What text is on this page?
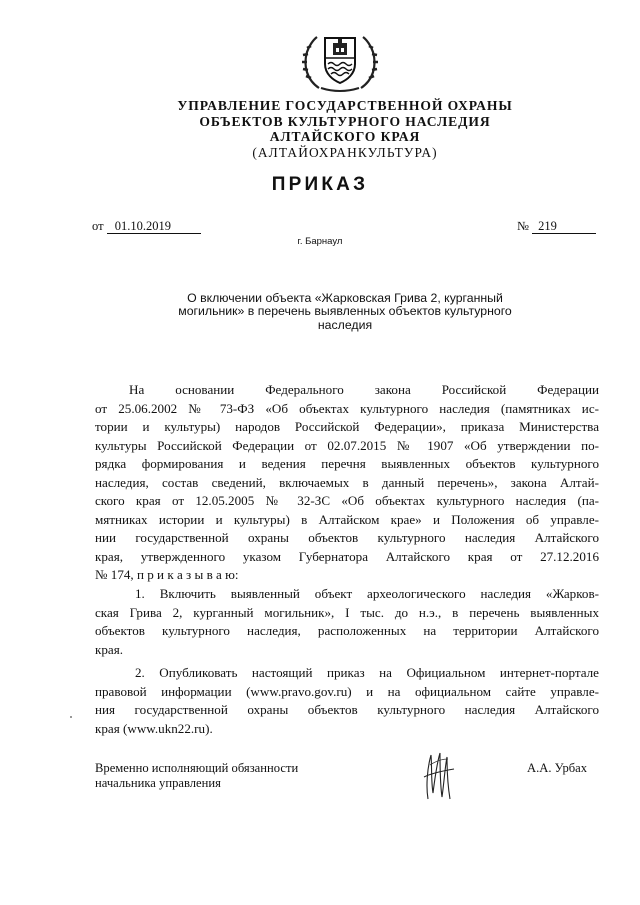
УПРАВЛЕНИЕ ГОСУДАРСТВЕННОЙ ОХРАНЫ
ОБЪЕКТОВ КУЛЬТУРНОГО НАСЛЕДИЯ
АЛТАЙСКОГО КРАЯ
(АЛТАЙОХРАНКУЛЬТУРА)
ПРИКАЗ
от 01.10.2019	№ 219
г. Барнаул
О включении объекта «Жарковская Грива 2, курганный
могильник» в перечень выявленных объектов культурного
наследия
На основании Федерального закона Российской Федерации
от 25.06.2002 № 73-ФЗ «Об объектах культурного наследия (памятниках ис-
тории и культуры) народов Российской Федерации», приказа Министерства
культуры Российской Федерации от 02.07.2015 № 1907 «Об утверждении по-
рядка формирования и ведения перечня выявленных объектов культурного
наследия, состав сведений, включаемых в данный перечень», закона Алтай-
ского края от 12.05.2005 № 32-ЗС «Об объектах культурного наследия (па-
мятниках истории и культуры) в Алтайском крае» и Положения об управле-
нии государственной охраны объектов культурного наследия Алтайского
края, утвержденного указом Губернатора Алтайского края от 27.12.2016
№ 174, п р и к а з ы в а ю:
1. Включить выявленный объект археологического наследия «Жарков-
ская Грива 2, курганный могильник», I тыс. до н.э., в перечень выявленных
объектов культурного наследия, расположенных на территории Алтайского
края.
2. Опубликовать настоящий приказ на Официальном интернет-портале
правовой информации (www.pravo.gov.ru) и на официальном сайте управле-
ния государственной охраны объектов культурного наследия Алтайского
края (www.ukn22.ru).
Временно исполняющий обязанности
начальника управления
А.А. Урбах
